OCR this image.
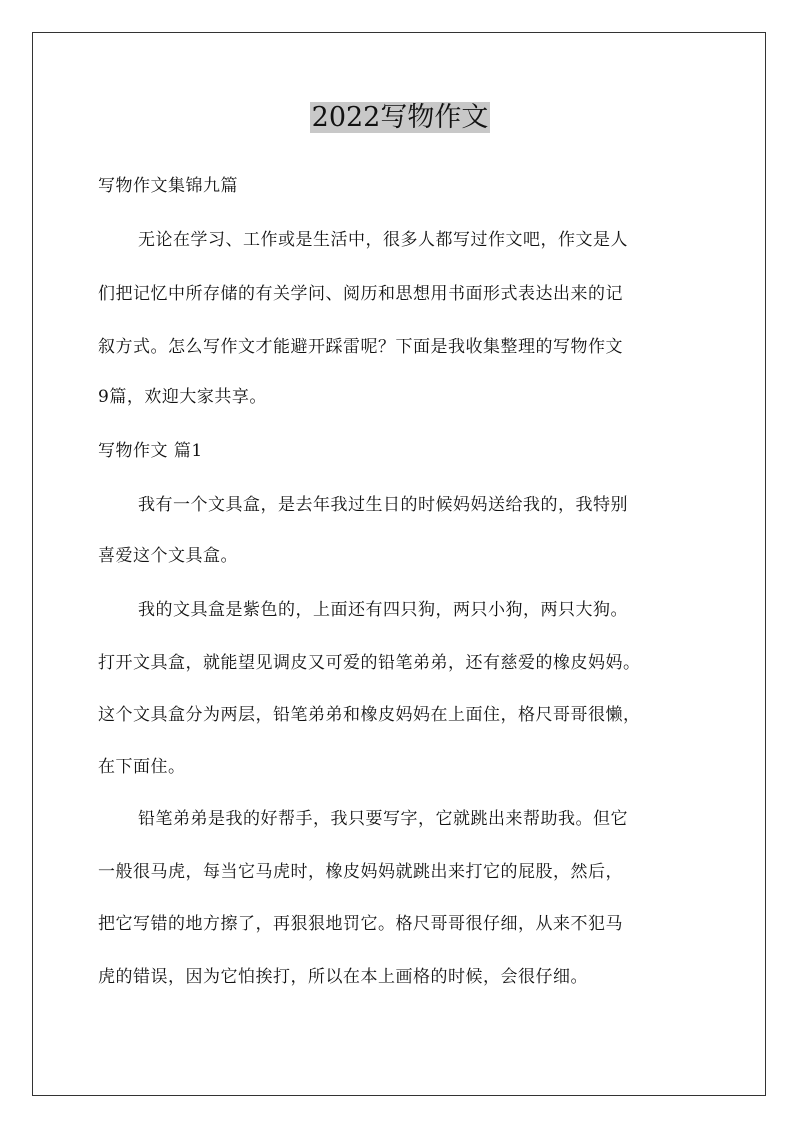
2022写物作文
写物作文集锦九篇
无论在学习、工作或是生活中，很多人都写过作文吧，作文是人
们把记忆中所存储的有关学问、阅历和思想用书面形式表达出来的记
叙方式。怎么写作文才能避开踩雷呢？下面是我收集整理的写物作文
9篇，欢迎大家共享。
写物作文 篇1
我有一个文具盒，是去年我过生日的时候妈妈送给我的，我特别
喜爱这个文具盒。
我的文具盒是紫色的，上面还有四只狗，两只小狗，两只大狗。
打开文具盒，就能望见调皮又可爱的铅笔弟弟，还有慈爱的橡皮妈妈。
这个文具盒分为两层，铅笔弟弟和橡皮妈妈在上面住，格尺哥哥很懒，
在下面住。
铅笔弟弟是我的好帮手，我只要写字，它就跳出来帮助我。但它
一般很马虎，每当它马虎时，橡皮妈妈就跳出来打它的屁股，然后，
把它写错的地方擦了，再狠狠地罚它。格尺哥哥很仔细，从来不犯马
虎的错误，因为它怕挨打，所以在本上画格的时候，会很仔细。
